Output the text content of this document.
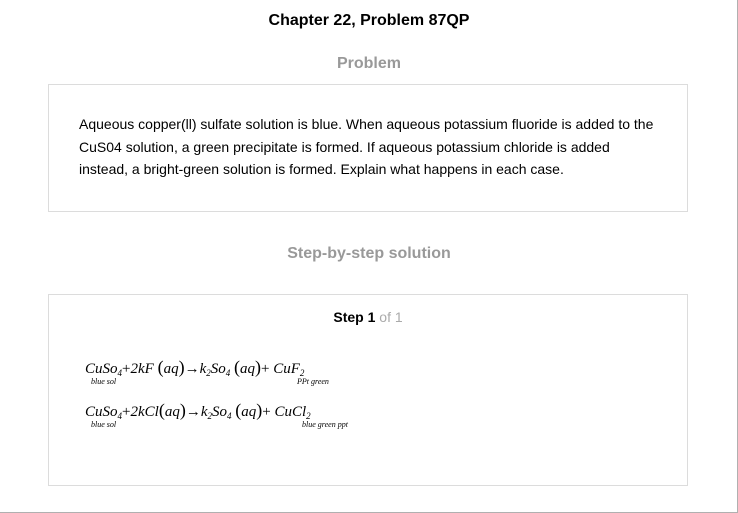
Chapter 22, Problem 87QP
Problem

Aqueous copper(ll) sulfate solution is blue. When aqueous potassium fluoride is added to the CuS04 solution, a green precipitate is formed. If aqueous potassium chloride is added instead, a bright-green solution is formed. Explain what happens in each case.

Step-by-step solution
Step 1 of 1
CuSo$_4$+2kF $(aq)\to k_2So_4$ (aq)+ CuF$_2$
blue sol	PPt green
$CuSo_4+2kCl(aq)\to k_2So_4$ (aq)+ CuCl$_2$
blue sol	blue green ppt
